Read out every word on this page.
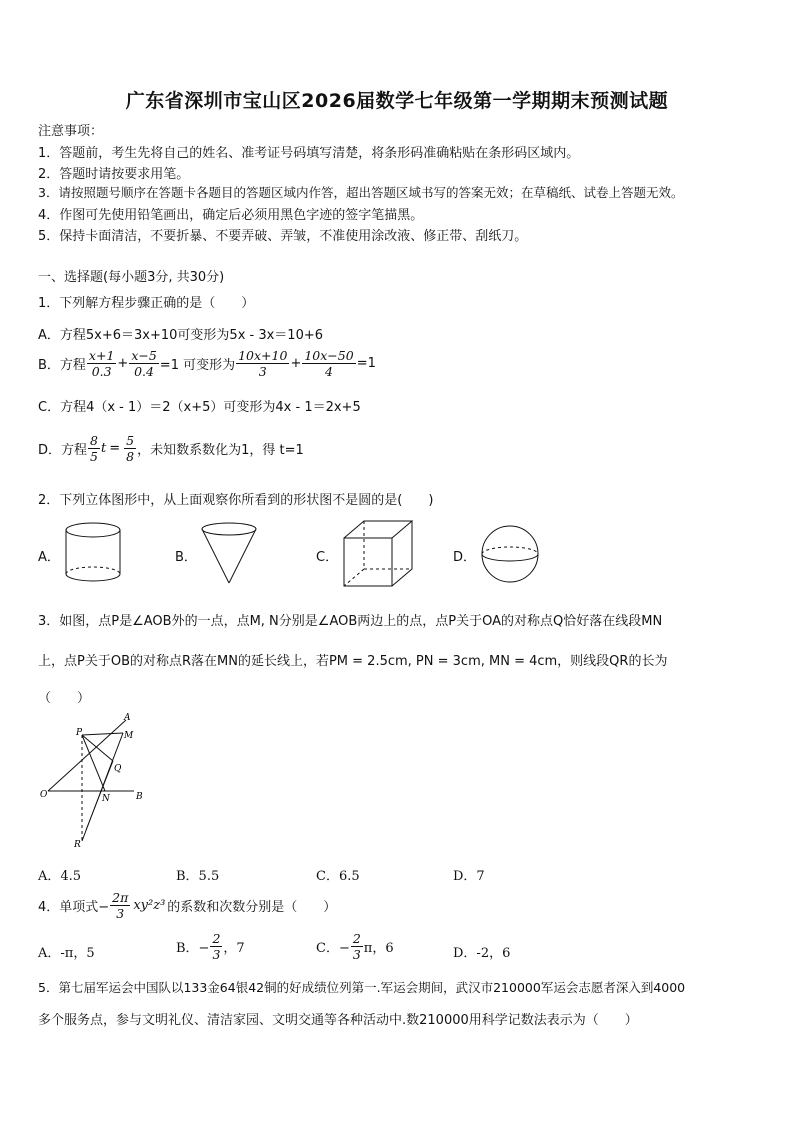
广东省深圳市宝山区2026届数学七年级第一学期期末预测试题
注意事项：
1．答题前，考生先将自己的姓名、准考证号码填写清楚，将条形码准确粘贴在条形码区域内。
2．答题时请按要求用笔。
3．请按照题号顺序在答题卡各题目的答题区域内作答，超出答题区域书写的答案无效；在草稿纸、试卷上答题无效。
4．作图可先使用铅笔画出，确定后必须用黑色字迹的签字笔描黑。
5．保持卡面清洁，不要折暴、不要弄破、弄皱，不准使用涂改液、修正带、刮纸刀。
一、选择题(每小题3分, 共30分)
1．下列解方程步骤正确的是（　　）
A．方程5x+6＝3x+10可变形为5x - 3x＝10+6
B．方程 $\frac{x+1}{0.3} + \frac{x-5}{0.4} =1$ 可变形为 $\frac{10x+10}{3} + \frac{10x-50}{4} =1$
C．方程4（x - 1）＝2（x+5）可变形为4x - 1＝2x+5
D．方程 $\frac{8}{5}$ $t = \frac{5}{8}$ ，未知数系数化为1，得 t=1
2．下列立体图形中，从上面观察你所看到的形状图不是圆的是(　　)
A．	B．	C．	D．
3．如图，点P是∠AOB外的一点，点M, N分别是∠AOB两边上的点，点P关于OA的对称点Q恰好落在线段MN
上，点P关于OB的对称点R落在MN的延长线上，若PM = 2.5cm, PN = 3cm, MN = 4cm，则线段QR的长为
（　　）
A
M
P
Q
O	N	B
R
A．4.5	B．5.5	C．6.5	D．7
4．单项式− $\frac{2\pi}{3} xy^2z^3$ 的系数和次数分别是（　　）
A．-π，5	B．− $\frac{2}{3}$ ，7	C．− $\frac{2}{3}$ π，6	D．-2，6
5．第七届军运会中国队以133金64银42铜的好成绩位列第一.军运会期间，武汉市210000军运会志愿者深入到4000
多个服务点，参与文明礼仪、清洁家园、文明交通等各种活动中.数210000用科学记数法表示为（　　）
